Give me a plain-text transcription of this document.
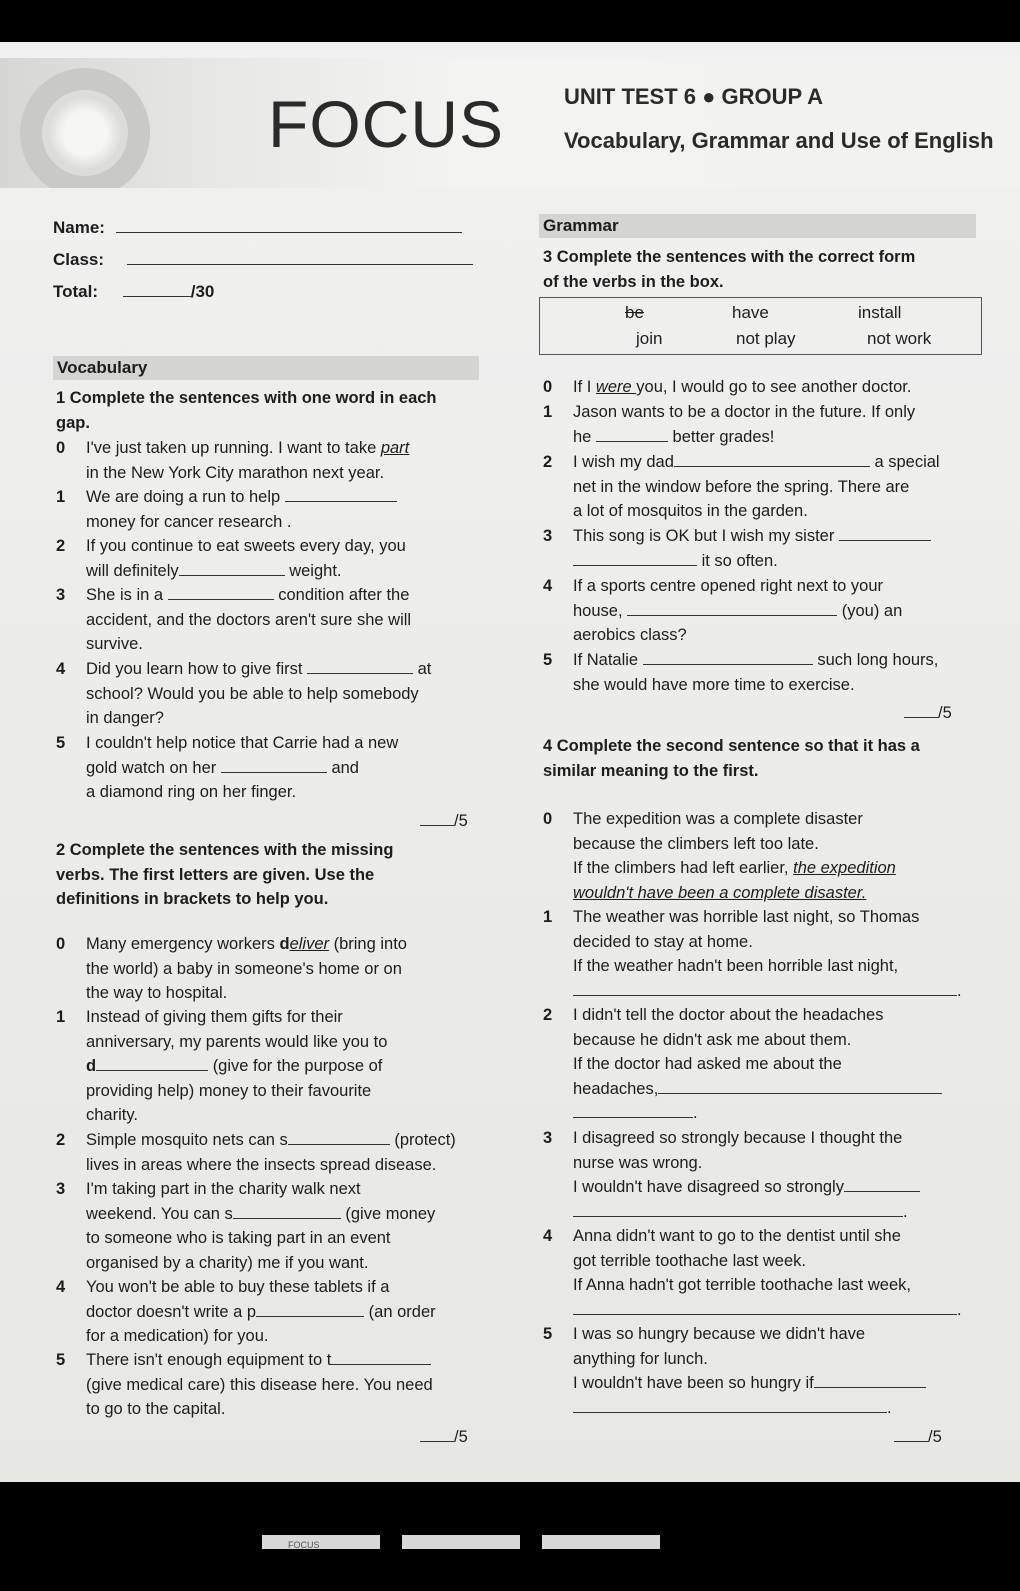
FOCUS	UNIT TEST 6 ● GROUP A
Vocabulary, Grammar and Use of English
Name:
Class:
Total:	/30
Vocabulary
1 Complete the sentences with one word in each
gap.
0 I've just taken up running. I want to take part
in the New York City marathon next year.
1 We are doing a run to help
money for cancer research .
2 If you continue to eat sweets every day, you
will definitely	weight.
3 She is in a	condition after the
accident, and the doctors aren't sure she will
survive.
4 Did you learn how to give first	at
school? Would you be able to help somebody
in danger?
5 I couldn't help notice that Carrie had a new
gold watch on her	and
a diamond ring on her finger.
/5
2 Complete the sentences with the missing
verbs. The first letters are given. Use the
definitions in brackets to help you.
0 Many emergency workers deliver (bring into
the world) a baby in someone's home or on
the way to hospital.
1 Instead of giving them gifts for their
anniversary, my parents would like you to
d	(give for the purpose of
providing help) money to their favourite
charity.
2 Simple mosquito nets can s	(protect)
lives in areas where the insects spread disease.
3 I'm taking part in the charity walk next
weekend. You can s	(give money
to someone who is taking part in an event
organised by a charity) me if you want.
4 You won't be able to buy these tablets if a
doctor doesn't write a p	(an order
for a medication) for you.
5 There isn't enough equipment to t
(give medical care) this disease here. You need
to go to the capital.
/5
Grammar
3 Complete the sentences with the correct form
of the verbs in the box.
be	have	install
join	not play	not work
0 If I were you, I would go to see another doctor.
1 Jason wants to be a doctor in the future. If only
he	better grades!
2 I wish my dad	a special
net in the window before the spring. There are
a lot of mosquitos in the garden.
3 This song is OK but I wish my sister
it so often.
4 If a sports centre opened right next to your
house,	(you) an
aerobics class?
5 If Natalie	such long hours,
she would have more time to exercise.
/5
4 Complete the second sentence so that it has a
similar meaning to the first.
0 The expedition was a complete disaster
because the climbers left too late.
If the climbers had left earlier, the expedition
wouldn't have been a complete disaster.
1 The weather was horrible last night, so Thomas
decided to stay at home.
If the weather hadn't been horrible last night,
.
2 I didn't tell the doctor about the headaches
because he didn't ask me about them.
If the doctor had asked me about the
headaches,
.
3 I disagreed so strongly because I thought the
nurse was wrong.
I wouldn't have disagreed so strongly
.
4 Anna didn't want to go to the dentist until she
got terrible toothache last week.
If Anna hadn't got terrible toothache last week,
.
5 I was so hungry because we didn't have
anything for lunch.
I wouldn't have been so hungry if
.
/5
FOCUS
